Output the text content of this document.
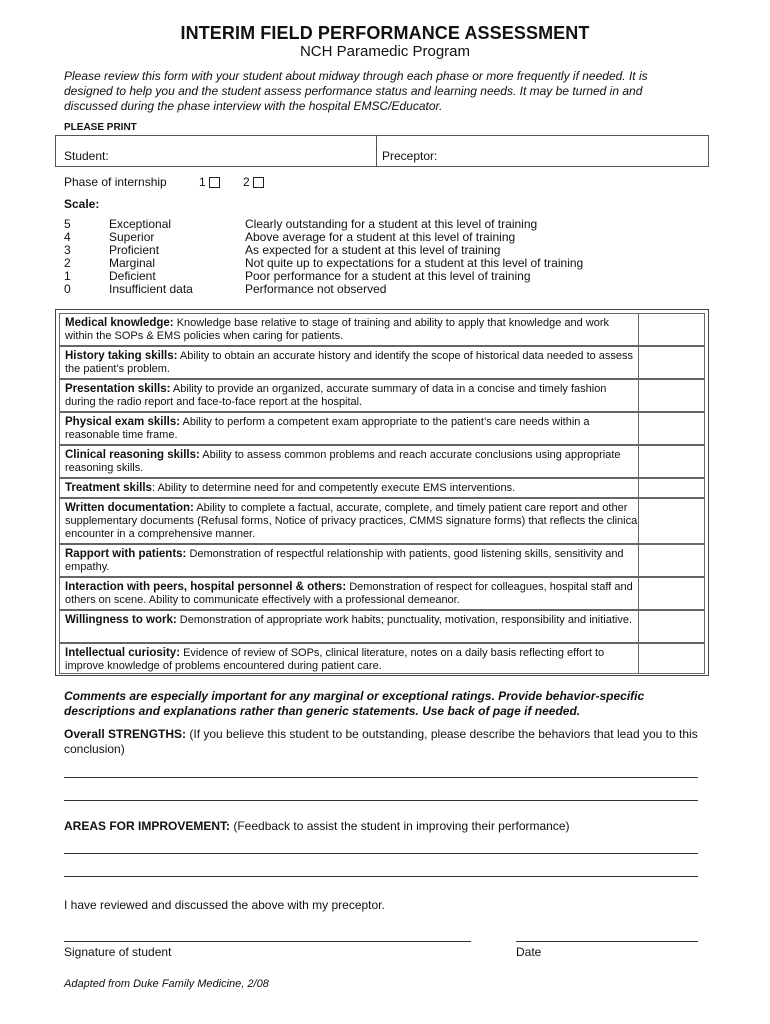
INTERIM FIELD PERFORMANCE ASSESSMENT
NCH Paramedic Program
Please review this form with your student about midway through each phase or more frequently if needed. It is designed to help you and the student assess performance status and learning needs. It may be turned in and discussed during the phase interview with the hospital EMSC/Educator.
PLEASE PRINT
Student:	Preceptor:
Phase of internship	1	2
Scale:
5	Exceptional	Clearly outstanding for a student at this level of training
4	Superior	Above average for a student at this level of training
3	Proficient	As expected for a student at this level of training
2	Marginal	Not quite up to expectations for a student at this level of training
1	Deficient	Poor performance for a student at this level of training
0	Insufficient data	Performance not observed
Medical knowledge: Knowledge base relative to stage of training and ability to apply that knowledge and work within the SOPs & EMS policies when caring for patients.
History taking skills: Ability to obtain an accurate history and identify the scope of historical data needed to assess the patient’s problem.
Presentation skills: Ability to provide an organized, accurate summary of data in a concise and timely fashion during the radio report and face-to-face report at the hospital.
Physical exam skills: Ability to perform a competent exam appropriate to the patient’s care needs within a reasonable time frame.
Clinical reasoning skills: Ability to assess common problems and reach accurate conclusions using appropriate reasoning skills.
Treatment skills: Ability to determine need for and competently execute EMS interventions.
Written documentation: Ability to complete a factual, accurate, complete, and timely patient care report and other supplementary documents (Refusal forms, Notice of privacy practices, CMMS signature forms) that reflects the clinical encounter in a comprehensive manner.
Rapport with patients: Demonstration of respectful relationship with patients, good listening skills, sensitivity and empathy.
Interaction with peers, hospital personnel & others: Demonstration of respect for colleagues, hospital staff and others on scene. Ability to communicate effectively with a professional demeanor.
Willingness to work: Demonstration of appropriate work habits; punctuality, motivation, responsibility and initiative.
Intellectual curiosity: Evidence of review of SOPs, clinical literature, notes on a daily basis reflecting effort to improve knowledge of problems encountered during patient care.
Comments are especially important for any marginal or exceptional ratings. Provide behavior-specific descriptions and explanations rather than generic statements. Use back of page if needed.
Overall STRENGTHS: (If you believe this student to be outstanding, please describe the behaviors that lead you to this conclusion)
AREAS FOR IMPROVEMENT: (Feedback to assist the student in improving their performance)
I have reviewed and discussed the above with my preceptor.
Signature of student	Date
Adapted from Duke Family Medicine, 2/08
